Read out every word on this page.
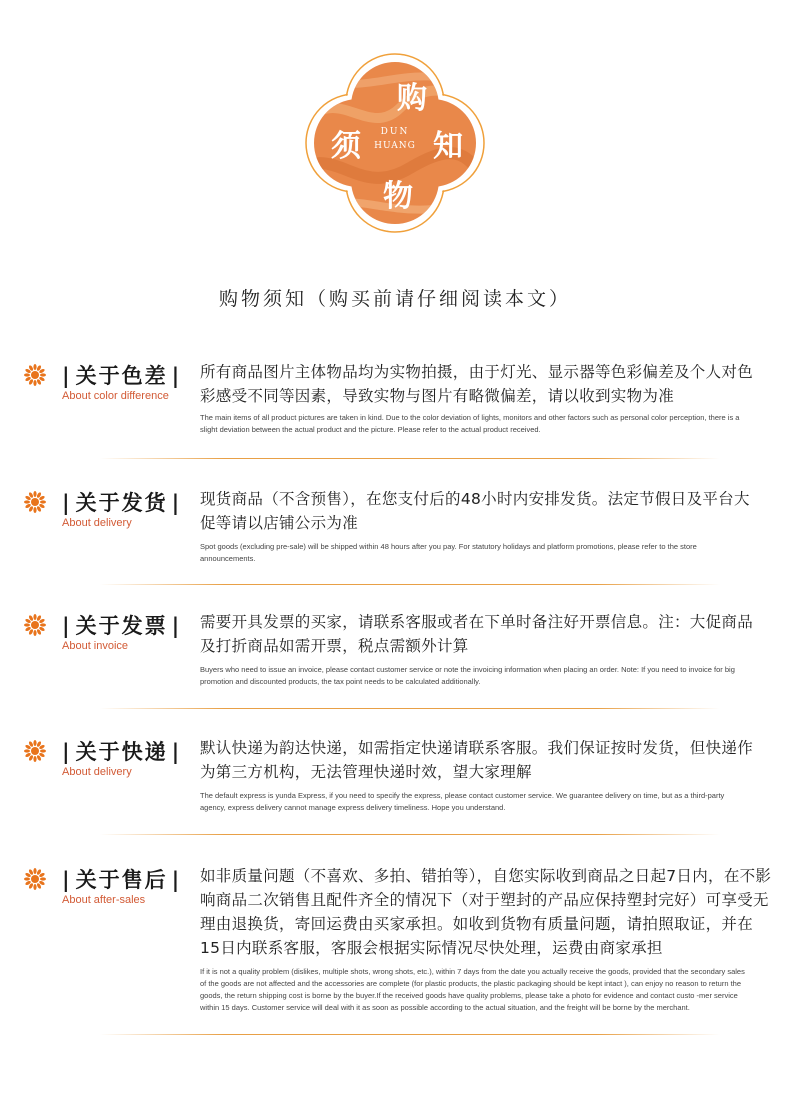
购
须 知
物
DUN
HUANG
购物须知（购买前请仔细阅读本文）
| 关于色差 |
About color difference
所有商品图片主体物品均为实物拍摄，由于灯光、显示器等色彩偏差及个人对色彩感受不同等因素，导致实物与图片有略微偏差，请以收到实物为准
The main items of all product pictures are taken in kind. Due to the color deviation of lights, monitors and other factors such as personal color perception, there is a slight deviation between the actual product and the picture. Please refer to the actual product received.
| 关于发货 |
About delivery
现货商品（不含预售），在您支付后的48小时内安排发货。法定节假日及平台大促等请以店铺公示为准
Spot goods (excluding pre-sale) will be shipped within 48 hours after you pay. For statutory holidays and platform promotions, please refer to the store announcements.
| 关于发票 |
About invoice
需要开具发票的买家，请联系客服或者在下单时备注好开票信息。注：大促商品及打折商品如需开票，税点需额外计算
Buyers who need to issue an invoice, please contact customer service or note the invoicing information when placing an order. Note: If you need to invoice for big promotion and discounted products, the tax point needs to be calculated additionally.
| 关于快递 |
About delivery
默认快递为韵达快递，如需指定快递请联系客服。我们保证按时发货，但快递作为第三方机构，无法管理快递时效，望大家理解
The default express is yunda Express, if you need to specify the express, please contact customer service. We guarantee delivery on time, but as a third-party agency, express delivery cannot manage express delivery timeliness. Hope you understand.
| 关于售后 |
About after-sales
如非质量问题（不喜欢、多拍、错拍等），自您实际收到商品之日起7日内，在不影响商品二次销售且配件齐全的情况下（对于塑封的产品应保持塑封完好）可享受无理由退换货，寄回运费由买家承担。如收到货物有质量问题，请拍照取证，并在15日内联系客服，客服会根据实际情况尽快处理，运费由商家承担
If it is not a quality problem (dislikes, multiple shots, wrong shots, etc.), within 7 days from the date you actually receive the goods, provided that the secondary sales of the goods are not affected and the accessories are complete (for plastic products, the plastic packaging should be kept intact ), can enjoy no reason to return the goods, the return shipping cost is borne by the buyer.If the received goods have quality problems, please take a photo for evidence and contact custo -mer service within 15 days. Customer service will deal with it as soon as possible according to the actual situation, and the freight will be borne by the merchant.
